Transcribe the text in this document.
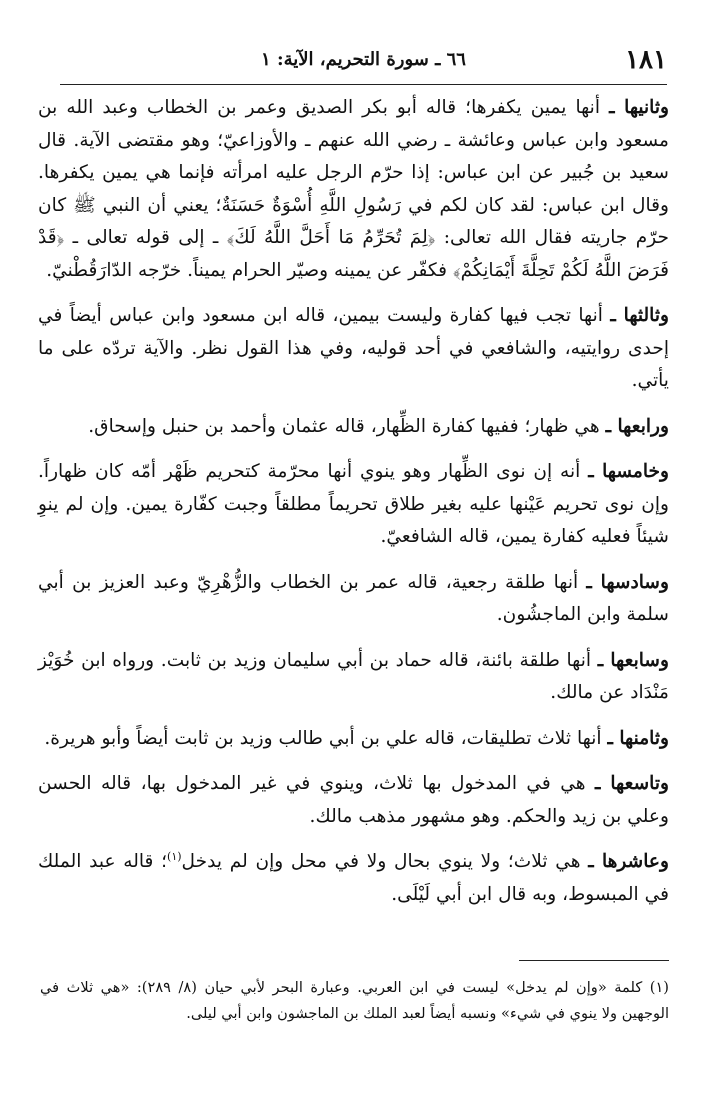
١٨١
٦٦ ـ سورة التحريم، الآية: ١

وثانيها ـ أنها يمين يكفرها؛ قاله أبو بكر الصديق وعمر بن الخطاب وعبد الله بن مسعود وابن عباس وعائشة ـ رضي الله عنهم ـ والأوزاعيّ؛ وهو مقتضى الآية. قال سعيد بن جُبير عن ابن عباس: إذا حرّم الرجل عليه امرأته فإنما هي يمين يكفرها. وقال ابن عباس: لقد كان لكم في رَسُولِ اللَّهِ أُسْوَةٌ حَسَنَةٌ؛ يعني أن النبي ﷺ كان حرّم جاريته فقال الله تعالى: ﴿لِمَ تُحَرِّمُ مَا أَحَلَّ اللَّهُ لَكَ﴾ ـ إلى قوله تعالى ـ ﴿قَدْ فَرَضَ اللَّهُ لَكُمْ تَحِلَّةَ أَيْمَانِكُمْ﴾ فكفّر عن يمينه وصيّر الحرام يميناً. خرّجه الدّارَقُطْنيّ.

وثالثها ـ أنها تجب فيها كفارة وليست بيمين، قاله ابن مسعود وابن عباس أيضاً في إحدى روايتيه، والشافعي في أحد قوليه، وفي هذا القول نظر. والآية تردّه على ما يأتي.

ورابعها ـ هي ظهار؛ ففيها كفارة الظِّهار، قاله عثمان وأحمد بن حنبل وإسحاق.

وخامسها ـ أنه إن نوى الظِّهار وهو ينوي أنها محرّمة كتحريم ظَهْر أمّه كان ظهاراً. وإن نوى تحريم عَيْنها عليه بغير طلاق تحريماً مطلقاً وجبت كفّارة يمين. وإن لم ينوِ شيئاً فعليه كفارة يمين، قاله الشافعيّ.

وسادسها ـ أنها طلقة رجعية، قاله عمر بن الخطاب والزُّهْرِيّ وعبد العزيز بن أبي سلمة وابن الماجشُون.

وسابعها ـ أنها طلقة بائنة، قاله حماد بن أبي سليمان وزيد بن ثابت. ورواه ابن خُوَيْز مَنْدَاد عن مالك.

وثامنها ـ أنها ثلاث تطليقات، قاله علي بن أبي طالب وزيد بن ثابت أيضاً وأبو هريرة.

وتاسعها ـ هي في المدخول بها ثلاث، وينوي في غير المدخول بها، قاله الحسن وعلي بن زيد والحكم. وهو مشهور مذهب مالك.

وعاشرها ـ هي ثلاث؛ ولا ينوي بحال ولا في محل وإن لم يدخل$^{(١)}$؛ قاله عبد الملك في المبسوط، وبه قال ابن أبي لَيْلَى.

(١) كلمة «وإن لم يدخل» ليست في ابن العربي. وعبارة البحر لأبي حيان (٨/ ٢٨٩): «هي ثلاث في الوجهين ولا ينوي في شيء» ونسبه أيضاً لعبد الملك بن الماجشون وابن أبي ليلى.
